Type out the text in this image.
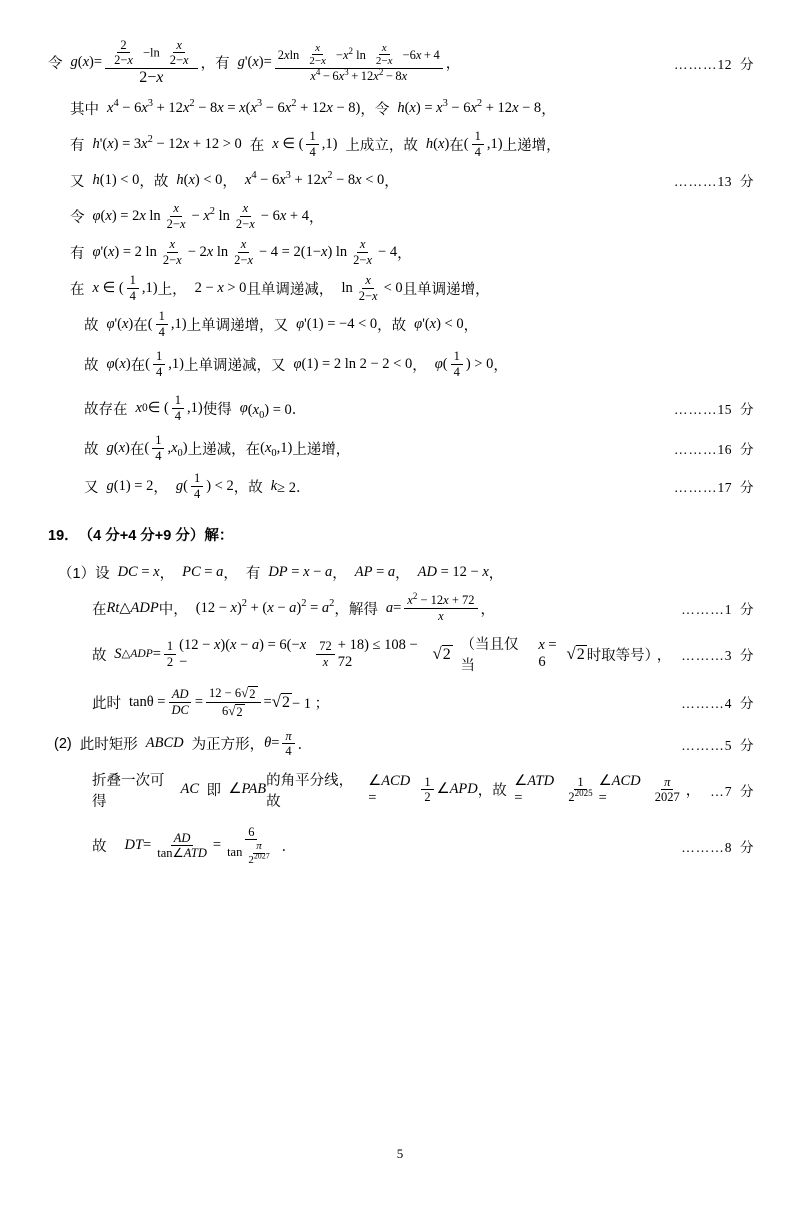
令 g ( x ) = $\frac{\frac{2}{2-x} -\ln \frac{x}{2-x}}{2-x}$ ， 有 g '( x ) = $2xln \frac{x}{2-x} -x^2$ $\ln \frac{x}{2-x} -6x + 4$
$x^4 - 6x^3 + 12x^2 - 8x$
，	………12 分
其中 $x^4 - 6x^3 + 12x^2 - 8x = x(x^3 - 6x^2 + 12x - 8)$ ， 令 $h(x) = x^3 - 6x^2 + 12x - 8$ ，
有 $h'(x) = 3x^2 - 12x + 12 > 0$ 在 x ∈ ( $\frac{1}{4} ,1$) 上成立，故 h(x) 在 ( $\frac{1}{4} ,1$) 上递增，
又 h(1) < 0 ， 故 h(x) < 0 ， $x^4 - 6x^3 + 12x^2 - 8x < 0$ ，	………13 分
令 φ (x) = 2x $\ln \frac{x}{2-x} - x^2$ $\ln \frac{x}{2-x} - 6x + 4$ ，
有 φ '(x) = 2 $\ln \frac{x}{2-x} - 2x$ $\ln \frac{x}{2-x} - 4 = 2(1-x)$ $\ln \frac{x}{2-x} - 4$ ，
在 x ∈ ( $\frac{1}{4} ,1$) 上， 2 − x > 0 且单调递减， $\ln \frac{x}{2-x} < 0$ 且单调递增，
故 φ '(x) 在 ( $\frac{1}{4} ,1$) 上单调递增，又 φ '(1) = −4 < 0 ， 故 φ '(x) < 0 ，
故 φ (x) 在 ( $\frac{1}{4} ,1$) 上单调递减，又 φ (1) = 2 ln 2 − 2 < 0 ， φ ( $\frac{1}{4}$ ) > 0 ，
故存在 x 0 ∈ ( $\frac{1}{4} ,1$) 使得 φ $(x_0) = 0$．	………15 分
故 g (x) 在 ( $\frac{1}{4} ,x_0$) 上递减，在 $(x_0,1)$ 上递增，	………16 分
又 g (1) = 2 ， g ( $\frac{1}{4}$ ) < 2 ， 故 k ≥ 2．	………17 分
19． （4 分+4 分+9 分）解：
（1） 设 DC = x ， PC = a ， 有 DP = x − a ， AP = a ， AD = 12 − x ，
在 Rt△ADP 中， $(12 - x)^2 + (x - a)^2 = a^2$ ，解得 $a = \frac{x^2 - 12x + 72}{x}$ ，	………1 分
故 S △ADP = $\frac{1}{2} (12 - x)(x - a) = 6(-x$ −	$\frac{72}{x} + 18) \le 108 - 72$	√ 2
（当且仅当
x = 6	√ 2 时取等号）
， ………3 分
此时 $\tan\theta = \frac{AD}{DC} = \frac{12 - 6 √ 2}{6 √ 2}$ = √ 2 − 1 ；	………4 分
(2) 此时矩形 ABCD 为正方形， $\theta = \frac{\pi}{4}$ ．	………5 分
折叠一次可得
AC 即 ∠PAB
的角平分线，故
∠ACD =	$\frac{1}{2}$ ∠APD ， 故
∠ATD =	$\frac{1}{2^{2025}}$ ∠ACD =	$\frac{\pi}{2027}$ ， …7 分
故 DT = $\frac{AD}{\text{tan∠ATD}} = \frac{6}{\tan \frac{\pi}{2^{2027}}}$ ．	………8 分
5
